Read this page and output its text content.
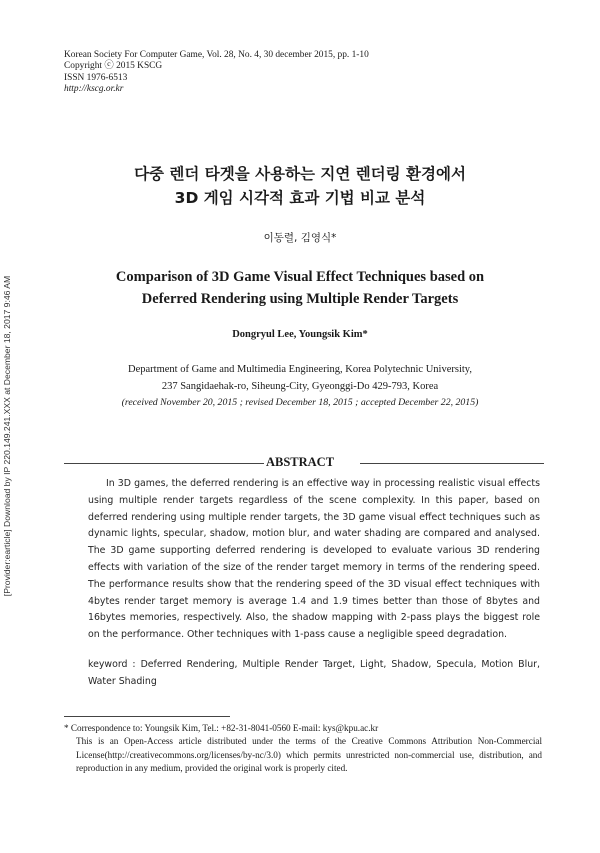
[Provider:earticle] Download by IP 220.149.241.XXX at December 18, 2017 9:46 AM
Korean Society For Computer Game, Vol. 28, No. 4, 30 december 2015, pp. 1-10
Copyright ⓒ 2015 KSCG
ISSN 1976-6513
http://kscg.or.kr
다중 렌더 타겟을 사용하는 지연 렌더링 환경에서
3D 게임 시각적 효과 기법 비교 분석
이동렬, 김영식*
Comparison of 3D Game Visual Effect Techniques based on
Deferred Rendering using Multiple Render Targets
Dongryul Lee, Youngsik Kim*
Department of Game and Multimedia Engineering, Korea Polytechnic University,
237 Sangidaehak-ro, Siheung-City, Gyeonggi-Do 429-793, Korea
(received November 20, 2015 ; revised December 18, 2015 ; accepted December 22, 2015)
ABSTRACT
In 3D games, the deferred rendering is an effective way in processing realistic visual effects using multiple render targets regardless of the scene complexity. In this paper, based on deferred rendering using multiple render targets, the 3D game visual effect techniques such as dynamic lights, specular, shadow, motion blur, and water shading are compared and analysed. The 3D game supporting deferred rendering is developed to evaluate various 3D rendering effects with variation of the size of the render target memory in terms of the rendering speed. The performance results show that the rendering speed of the 3D visual effect techniques with 4bytes render target memory is average 1.4 and 1.9 times better than those of 8bytes and 16bytes memories, respectively. Also, the shadow mapping with 2-pass plays the biggest role on the performance. Other techniques with 1-pass cause a negligible speed degradation.
keyword : Deferred Rendering, Multiple Render Target, Light, Shadow, Specula, Motion Blur, Water Shading
* Correspondence to: Youngsik Kim, Tel.: +82-31-8041-0560 E-mail: kys@kpu.ac.kr
This is an Open-Access article distributed under the terms of the Creative Commons Attribution Non-Commercial License(http://creativecommons.org/licenses/by-nc/3.0) which permits unrestricted non-commercial use, distribution, and reproduction in any medium, provided the original work is properly cited.
